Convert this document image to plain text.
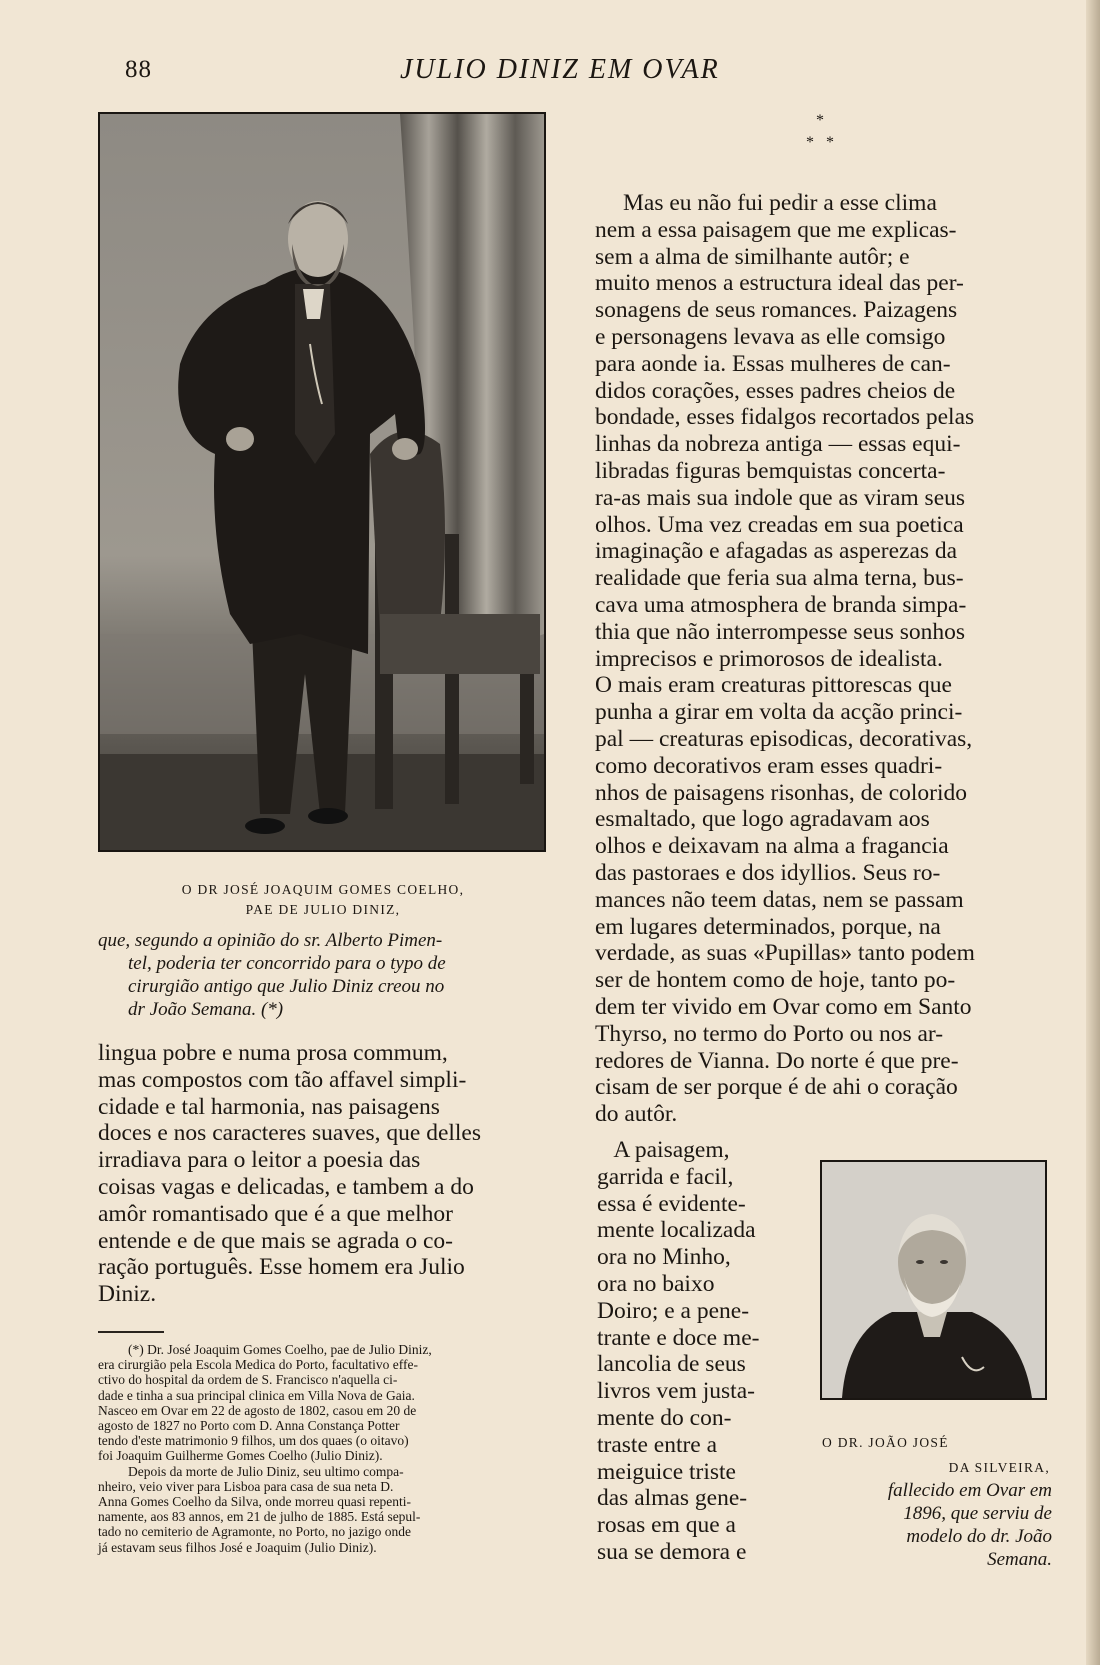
88	JULIO DINIZ EM OVAR
O DR JOSÉ JOAQUIM GOMES COELHO,
PAE DE JULIO DINIZ,
que, segundo a opinião do sr. Alberto Pimen-
tel, poderia ter concorrido para o typo de
cirurgião antigo que Julio Diniz creou no
dr João Semana. (*)
lingua pobre e numa prosa commum,
mas compostos com tão affavel simpli-
cidade e tal harmonia, nas paisagens
doces e nos caracteres suaves, que delles
irradiava para o leitor a poesia das
coisas vagas e delicadas, e tambem a do
amôr romantisado que é a que melhor
entende e de que mais se agrada o co-
ração português. Esse homem era Julio
Diniz.
(*) Dr. José Joaquim Gomes Coelho, pae de Julio Diniz,
era cirurgião pela Escola Medica do Porto, facultativo effe-
ctivo do hospital da ordem de S. Francisco n'aquella ci-
dade e tinha a sua principal clinica em Villa Nova de Gaia.
Nasceo em Ovar em 22 de agosto de 1802, casou em 20 de
agosto de 1827 no Porto com D. Anna Constança Potter
tendo d'este matrimonio 9 filhos, um dos quaes (o oitavo)
foi Joaquim Guilherme Gomes Coelho (Julio Diniz).
Depois da morte de Julio Diniz, seu ultimo compa-
nheiro, veio viver para Lisboa para casa de sua neta D.
Anna Gomes Coelho da Silva, onde morreu quasi repenti-
namente, aos 83 annos, em 21 de julho de 1885. Está sepul-
tado no cemiterio de Agramonte, no Porto, no jazigo onde
já estavam seus filhos José e Joaquim (Julio Diniz).
*
*   *
Mas eu não fui pedir a esse clima
nem a essa paisagem que me explicas-
sem a alma de similhante autôr; e
muito menos a estructura ideal das per-
sonagens de seus romances. Paizagens
e personagens levava as elle comsigo
para aonde ia. Essas mulheres de can-
didos corações, esses padres cheios de
bondade, esses fidalgos recortados pelas
linhas da nobreza antiga — essas equi-
libradas figuras bemquistas concerta-
ra-as mais sua indole que as viram seus
olhos. Uma vez creadas em sua poetica
imaginação e afagadas as asperezas da
realidade que feria sua alma terna, bus-
cava uma atmosphera de branda simpa-
thia que não interrompesse seus sonhos
imprecisos e primorosos de idealista.
O mais eram creaturas pittorescas que
punha a girar em volta da acção princi-
pal — creaturas episodicas, decorativas,
como decorativos eram esses quadri-
nhos de paisagens risonhas, de colorido
esmaltado, que logo agradavam aos
olhos e deixavam na alma a fragancia
das pastoraes e dos idyllios. Seus ro-
mances não teem datas, nem se passam
em lugares determinados, porque, na
verdade, as suas «Pupillas» tanto podem
ser de hontem como de hoje, tanto po-
dem ter vivido em Ovar como em Santo
Thyrso, no termo do Porto ou nos ar-
redores de Vianna. Do norte é que pre-
cisam de ser porque é de ahi o coração
do autôr.
A paisagem,
garrida e facil,
essa é evidente-
mente localizada
ora no Minho,
ora no baixo
Doiro; e a pene-
trante e doce me-
lancolia de seus
livros vem justa-
mente do con-
traste entre a
meiguice triste
das almas gene-
rosas em que a
sua se demora e
O DR. JOÃO JOSÉ
DA SILVEIRA,
fallecido em Ovar em
1896, que serviu de
modelo do dr. João
Semana.
